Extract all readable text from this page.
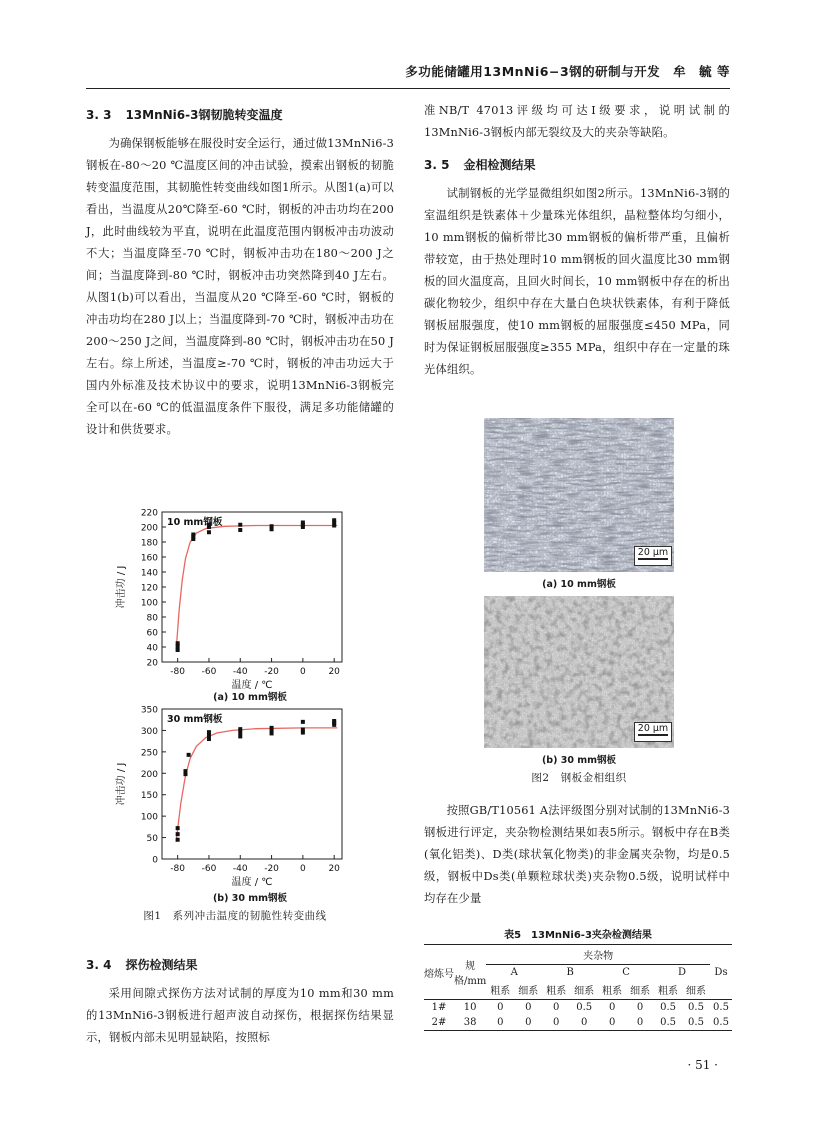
多功能储罐用13MnNi6−3钢的研制与开发　牟　毓 等
3. 3 13MnNi6-3钢韧脆转变温度

为确保钢板能够在服役时安全运行，通过做13MnNi6-3钢板在-80～20 ℃温度区间的冲击试验，摸索出钢板的韧脆转变温度范围，其韧脆性转变曲线如图1所示。从图1(a)可以看出，当温度从20℃降至-60 ℃时，钢板的冲击功均在200 J，此时曲线较为平直，说明在此温度范围内钢板冲击功波动不大；当温度降至-70 ℃时，钢板冲击功在180～200 J之间；当温度降到-80 ℃时，钢板冲击功突然降到40 J左右。从图1(b)可以看出，当温度从20 ℃降至-60 ℃时，钢板的冲击功均在280 J以上；当温度降到-70 ℃时，钢板冲击功在200～250 J之间，当温度降到-80 ℃时，钢板冲击功在50 J左右。综上所述，当温度≥-70 ℃时，钢板的冲击功远大于国内外标准及技术协议中的要求，说明13MnNi6-3钢板完全可以在-60 ℃的低温温度条件下服役，满足多功能储罐的设计和供货要求。

20
40
60
80
100
120
140
160
180
200
220
-80 -60 -40 -20 0	20
10 mm钢板
冲击功 / J
温度 / ℃
(a) 10 mm钢板
0
50
100
150
200
250
300
350
-80 -60 -40 -20 0	20
30 mm钢板
冲击功 / J
温度 / ℃
(b) 30 mm钢板
图1　系列冲击温度的韧脆性转变曲线
3. 4 探伤检测结果

采用间隙式探伤方法对试制的厚度为10 mm和30 mm的13MnNi6-3钢板进行超声波自动探伤，根据探伤结果显示，钢板内部未见明显缺陷，按照标

准NB/T 47013评级均可达I级要求，说明试制的13MnNi6-3钢板内部无裂纹及大的夹杂等缺陷。

3. 5 金相检测结果

试制钢板的光学显微组织如图2所示。13MnNi6-3钢的室温组织是铁素体＋少量珠光体组织，晶粒整体均匀细小，10 mm钢板的偏析带比30 mm钢板的偏析带严重，且偏析带较宽，由于热处理时10 mm钢板的回火温度比30 mm钢板的回火温度高，且回火时间长，10 mm钢板中存在的析出碳化物较少，组织中存在大量白色块状铁素体，有利于降低钢板屈服强度，使10 mm钢板的屈服强度≤450 MPa，同时为保证钢板屈服强度≥355 MPa，组织中存在一定量的珠光体组织。

20 μm
(a) 10 mm钢板
20 μm
(b) 30 mm钢板
图2　钢板金相组织

按照GB/T10561 A法评级图分别对试制的13MnNi6-3钢板进行评定，夹杂物检测结果如表5所示。钢板中存在B类(氧化铝类)、D类(球状氧化物类)的非金属夹杂物，均是0.5级，钢板中Ds类(单颗粒球状类)夹杂物0.5级，说明试样中均存在少量

表5　13MnNi6-3夹杂检测结果
熔炼号	规格/mm	夹杂物								Ds
		A		B		C		D		
		粗系	细系	粗系	细系	粗系	细系	粗系	细系	
1#	10	0	0	0	0.5	0	0	0.5	0.5	0.5
2#	38	0	0	0	0	0	0	0.5	0.5	0.5
· 51 ·
